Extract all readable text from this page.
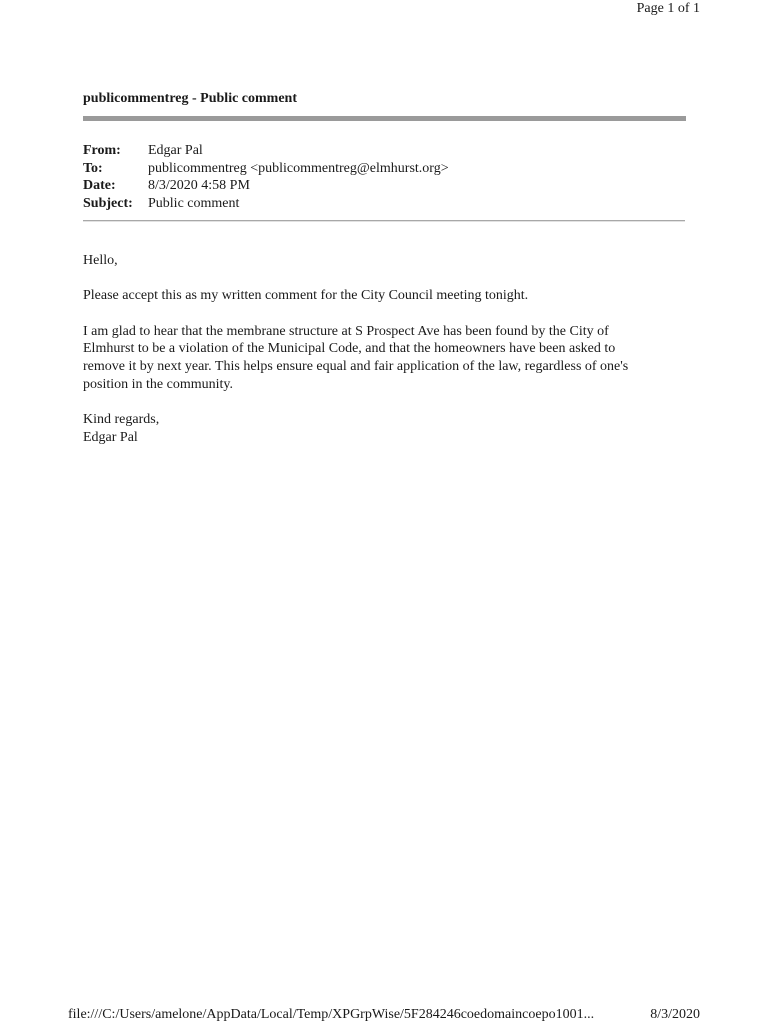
Page 1 of 1
publicommentreg - Public comment
From:	Edgar Pal
To:	publicommentreg <publicommentreg@elmhurst.org>
Date:	8/3/2020 4:58 PM
Subject:	Public comment

Hello,

Please accept this as my written comment for the City Council meeting tonight.

I am glad to hear that the membrane structure at S Prospect Ave has been found by the City of
Elmhurst to be a violation of the Municipal Code, and that the homeowners have been asked to
remove it by next year. This helps ensure equal and fair application of the law, regardless of one's
position in the community.

Kind regards,
Edgar Pal

file:///C:/Users/amelone/AppData/Local/Temp/XPGrpWise/5F284246coedomaincoepo1001...	8/3/2020
